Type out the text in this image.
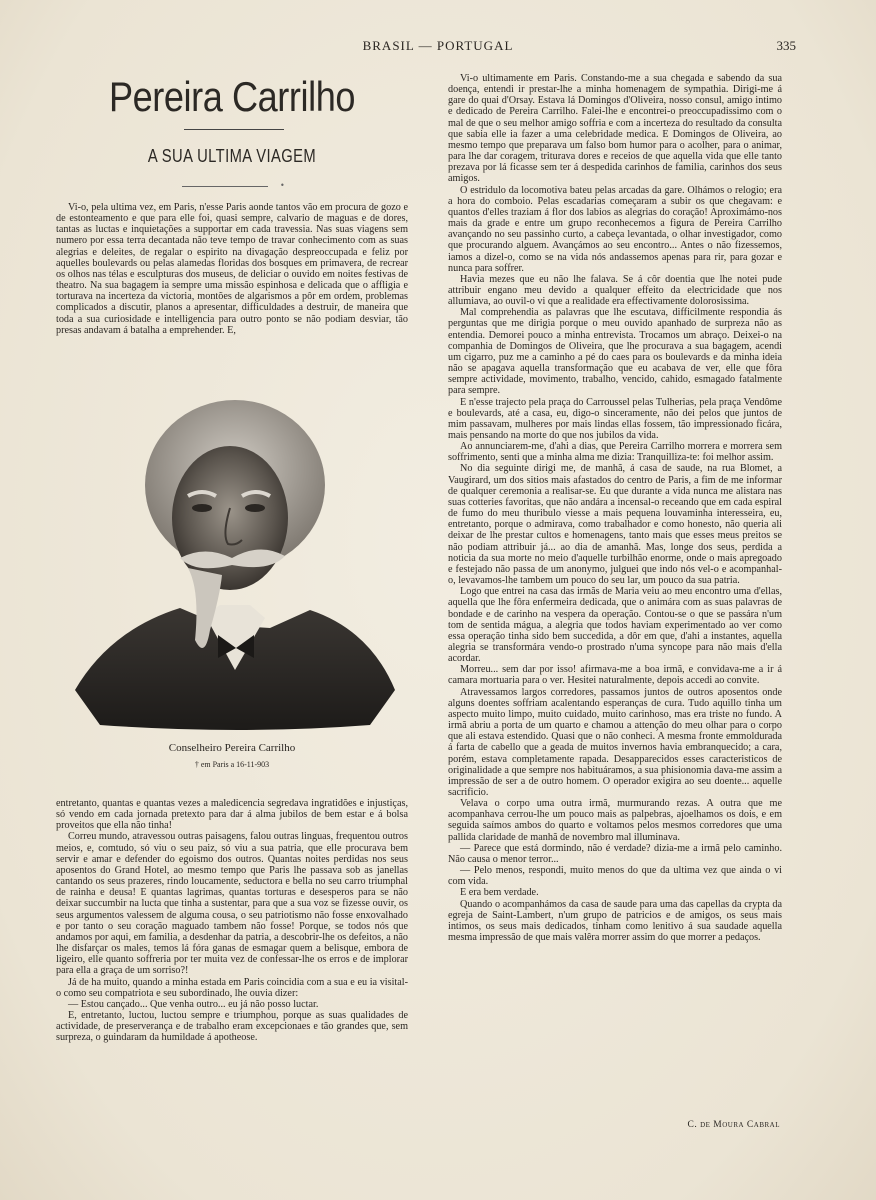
BRASIL — PORTUGAL	335
Pereira Carrilho
A SUA ULTIMA VIAGEM
•

Vi-o, pela ultima vez, em Paris, n'esse Paris aonde tantos vão em procura de gozo e de estonteamento e que para elle foi, quasi sempre, calvario de maguas e de dores, tantas as luctas e inquietações a supportar em cada travessia. Nas suas viagens sem numero por essa terra decantada não teve tempo de travar conhecimento com as suas alegrias e deleites, de regalar o espirito na divagação despreoccupada e feliz por aquelles boulevards ou pelas alamedas floridas dos bosques em primavera, de recrear os olhos nas télas e esculpturas dos museus, de deliciar o ouvido em noites festivas de theatro. Na sua bagagem ia sempre uma missão espinhosa e delicada que o affligia e torturava na incerteza da victoria, montões de algarismos a pôr em ordem, problemas complicados a discutir, planos a apresentar, difficuldades a destruir, de maneira que toda a sua curiosidade e intelligencia para outro ponto se não podiam desviar, tão presas andavam á batalha a emprehender. E,

Conselheiro Pereira Carrilho
† em Paris a 16-11-903

entretanto, quantas e quantas vezes a maledicencia segredava ingratidões e injustiças, só vendo em cada jornada pretexto para dar á alma jubilos de bem estar e á bolsa proveitos que ella não tinha!

Correu mundo, atravessou outras paisagens, falou outras linguas, frequentou outros meios, e, comtudo, só viu o seu paiz, só viu a sua patria, que elle procurava bem servir e amar e defender do egoismo dos outros. Quantas noites perdidas nos seus aposentos do Grand Hotel, ao mesmo tempo que Paris lhe passava sob as janellas cantando os seus prazeres, rindo loucamente, seductora e bella no seu carro triumphal de rainha e deusa! E quantas lagrimas, quantas torturas e desesperos para se não deixar succumbir na lucta que tinha a sustentar, para que a sua voz se fizesse ouvir, os seus argumentos valessem de alguma cousa, o seu patriotismo não fosse enxovalhado e por tanto o seu coração maguado tambem não fosse! Porque, se todos nós que andamos por aqui, em familia, a desdenhar da patria, a descobrir-lhe os defeitos, a não lhe disfarçar os males, temos lá fóra ganas de esmagar quem a belisque, embora de ligeiro, elle quanto soffreria por ter muita vez de confessar-lhe os erros e de implorar para ella a graça de um sorriso?!

Já de ha muito, quando a minha estada em Paris coincidia com a sua e eu ia visital-o como seu compatriota e seu subordinado, lhe ouvia dizer:

— Estou cançado... Que venha outro... eu já não posso luctar.

E, entretanto, luctou, luctou sempre e triumphou, porque as suas qualidades de actividade, de preserverança e de trabalho eram excepcionaes e tão grandes que, sem surpreza, o guindaram da humildade á apotheose.

Vi-o ultimamente em Paris. Constando-me a sua chegada e sabendo da sua doença, entendi ir prestar-lhe a minha homenagem de sympathia. Dirigi-me á gare do quai d'Orsay. Estava lá Domingos d'Oliveira, nosso consul, amigo intimo e dedicado de Pereira Carrilho. Falei-lhe e encontrei-o preoccupadissimo com o mal de que o seu melhor amigo soffria e com a incerteza do resultado da consulta que sabia elle ia fazer a uma celebridade medica. E Domingos de Oliveira, ao mesmo tempo que preparava um falso bom humor para o acolher, para o animar, para lhe dar coragem, triturava dores e receios de que aquella vida que elle tanto prezava por lá ficasse sem ter á despedida carinhos de familia, carinhos dos seus amigos.

O estridulo da locomotiva bateu pelas arcadas da gare. Olhámos o relogio; era a hora do comboio. Pelas escadarias começaram a subir os que chegavam: e quantos d'elles traziam á flor dos labios as alegrias do coração! Aproximámo-nos mais da grade e entre um grupo reconhecemos a figura de Pereira Carrilho avançando no seu passinho curto, a cabeça levantada, o olhar investigador, como que procurando alguem. Avançámos ao seu encontro... Antes o não fizessemos, iamos a dizel-o, como se na vida nós andassemos apenas para rir, para gozar e nunca para soffrer.

Havia mezes que eu não lhe falava. Se á côr doentia que lhe notei pude attribuir engano meu devido a qualquer effeito da electricidade que nos allumiava, ao ouvil-o vi que a realidade era effectivamente dolorosissima.

Mal comprehendia as palavras que lhe escutava, difficilmente respondia ás perguntas que me dirigia porque o meu ouvido apanhado de surpreza não as entendia. Demorei pouco a minha entrevista. Trocamos um abraço. Deixei-o na companhia de Domingos de Oliveira, que lhe procurava a sua bagagem, acendi um cigarro, puz me a caminho a pé do caes para os boulevards e da minha ideia não se apagava aquella transformação que eu acabava de ver, elle que fôra sempre actividade, movimento, trabalho, vencido, cahido, esmagado fatalmente para sempre.

E n'esse trajecto pela praça do Carroussel pelas Tulherias, pela praça Vendôme e boulevards, até a casa, eu, digo-o sinceramente, não dei pelos que juntos de mim passavam, mulheres por mais lindas ellas fossem, tão impressionado ficára, mais pensando na morte do que nos jubilos da vida.

Ao annunciarem-me, d'ahi a dias, que Pereira Carrilho morrera e morrera sem soffrimento, senti que a minha alma me dizia: Tranquilliza-te: foi melhor assim.

No dia seguinte dirigi me, de manhã, á casa de saude, na rua Blomet, a Vaugirard, um dos sitios mais afastados do centro de Paris, a fim de me informar de qualquer ceremonia a realisar-se. Eu que durante a vida nunca me alistara nas suas cotteries favoritas, que não andára a incensal-o receando que em cada espiral de fumo do meu thuribulo viesse a mais pequena louvaminha interesseira, eu, entretanto, porque o admirava, como trabalhador e como honesto, não queria ali deixar de lhe prestar cultos e homenagens, tanto mais que esses meus preitos se não podiam attribuir já... ao dia de amanhã. Mas, longe dos seus, perdida a noticia da sua morte no meio d'aquelle turbilhão enorme, onde o mais apregoado e festejado não passa de um anonymo, julguei que indo nós vel-o e acompanhal-o, levavamos-lhe tambem um pouco do seu lar, um pouco da sua patria.

Logo que entrei na casa das irmãs de Maria veiu ao meu encontro uma d'ellas, aquella que lhe fôra enfermeira dedicada, que o animára com as suas palavras de bondade e de carinho na vespera da operação. Contou-se o que se passára n'um tom de sentida mágua, a alegria que todos haviam experimentado ao ver como essa operação tinha sido bem succedida, a dôr em que, d'ahi a instantes, aquella alegria se transformára vendo-o prostrado n'uma syncope para não mais d'ella acordar.

Morreu... sem dar por isso! afirmava-me a boa irmã, e convidava-me a ir á camara mortuaria para o ver. Hesitei naturalmente, depois accedi ao convite.

Atravessamos largos corredores, passamos juntos de outros aposentos onde alguns doentes soffriam acalentando esperanças de cura. Tudo aquillo tinha um aspecto muito limpo, muito cuidado, muito carinhoso, mas era triste no fundo. A irmã abriu a porta de um quarto e chamou a attenção do meu olhar para o corpo que ali estava estendido. Quasi que o não conheci. A mesma fronte emmoldurada á farta de cabello que a geada de muitos invernos havia embranquecido; a cara, porém, estava completamente rapada. Desapparecidos esses caracteristicos de originalidade a que sempre nos habituáramos, a sua phisionomia dava-me assim a impressão de ser a de outro homem. O operador exigira ao seu doente... aquelle sacrificio.

Velava o corpo uma outra irmã, murmurando rezas. A outra que me acompanhava cerrou-lhe um pouco mais as palpebras, ajoelhamos os dois, e em seguida saímos ambos do quarto e voltamos pelos mesmos corredores que uma pallida claridade de manhã de novembro mal illuminava.

— Parece que está dormindo, não é verdade? dizia-me a irmã pelo caminho. Não causa o menor terror...

— Pelo menos, respondi, muito menos do que da ultima vez que ainda o vi com vida.

E era bem verdade.

Quando o acompanhámos da casa de saude para uma das capellas da crypta da egreja de Saint-Lambert, n'um grupo de patricios e de amigos, os seus mais intimos, os seus mais dedicados, tinham como lenitivo á sua saudade aquella mesma impressão de que mais valêra morrer assim do que morrer a pedaços.

C. de Moura Cabral
